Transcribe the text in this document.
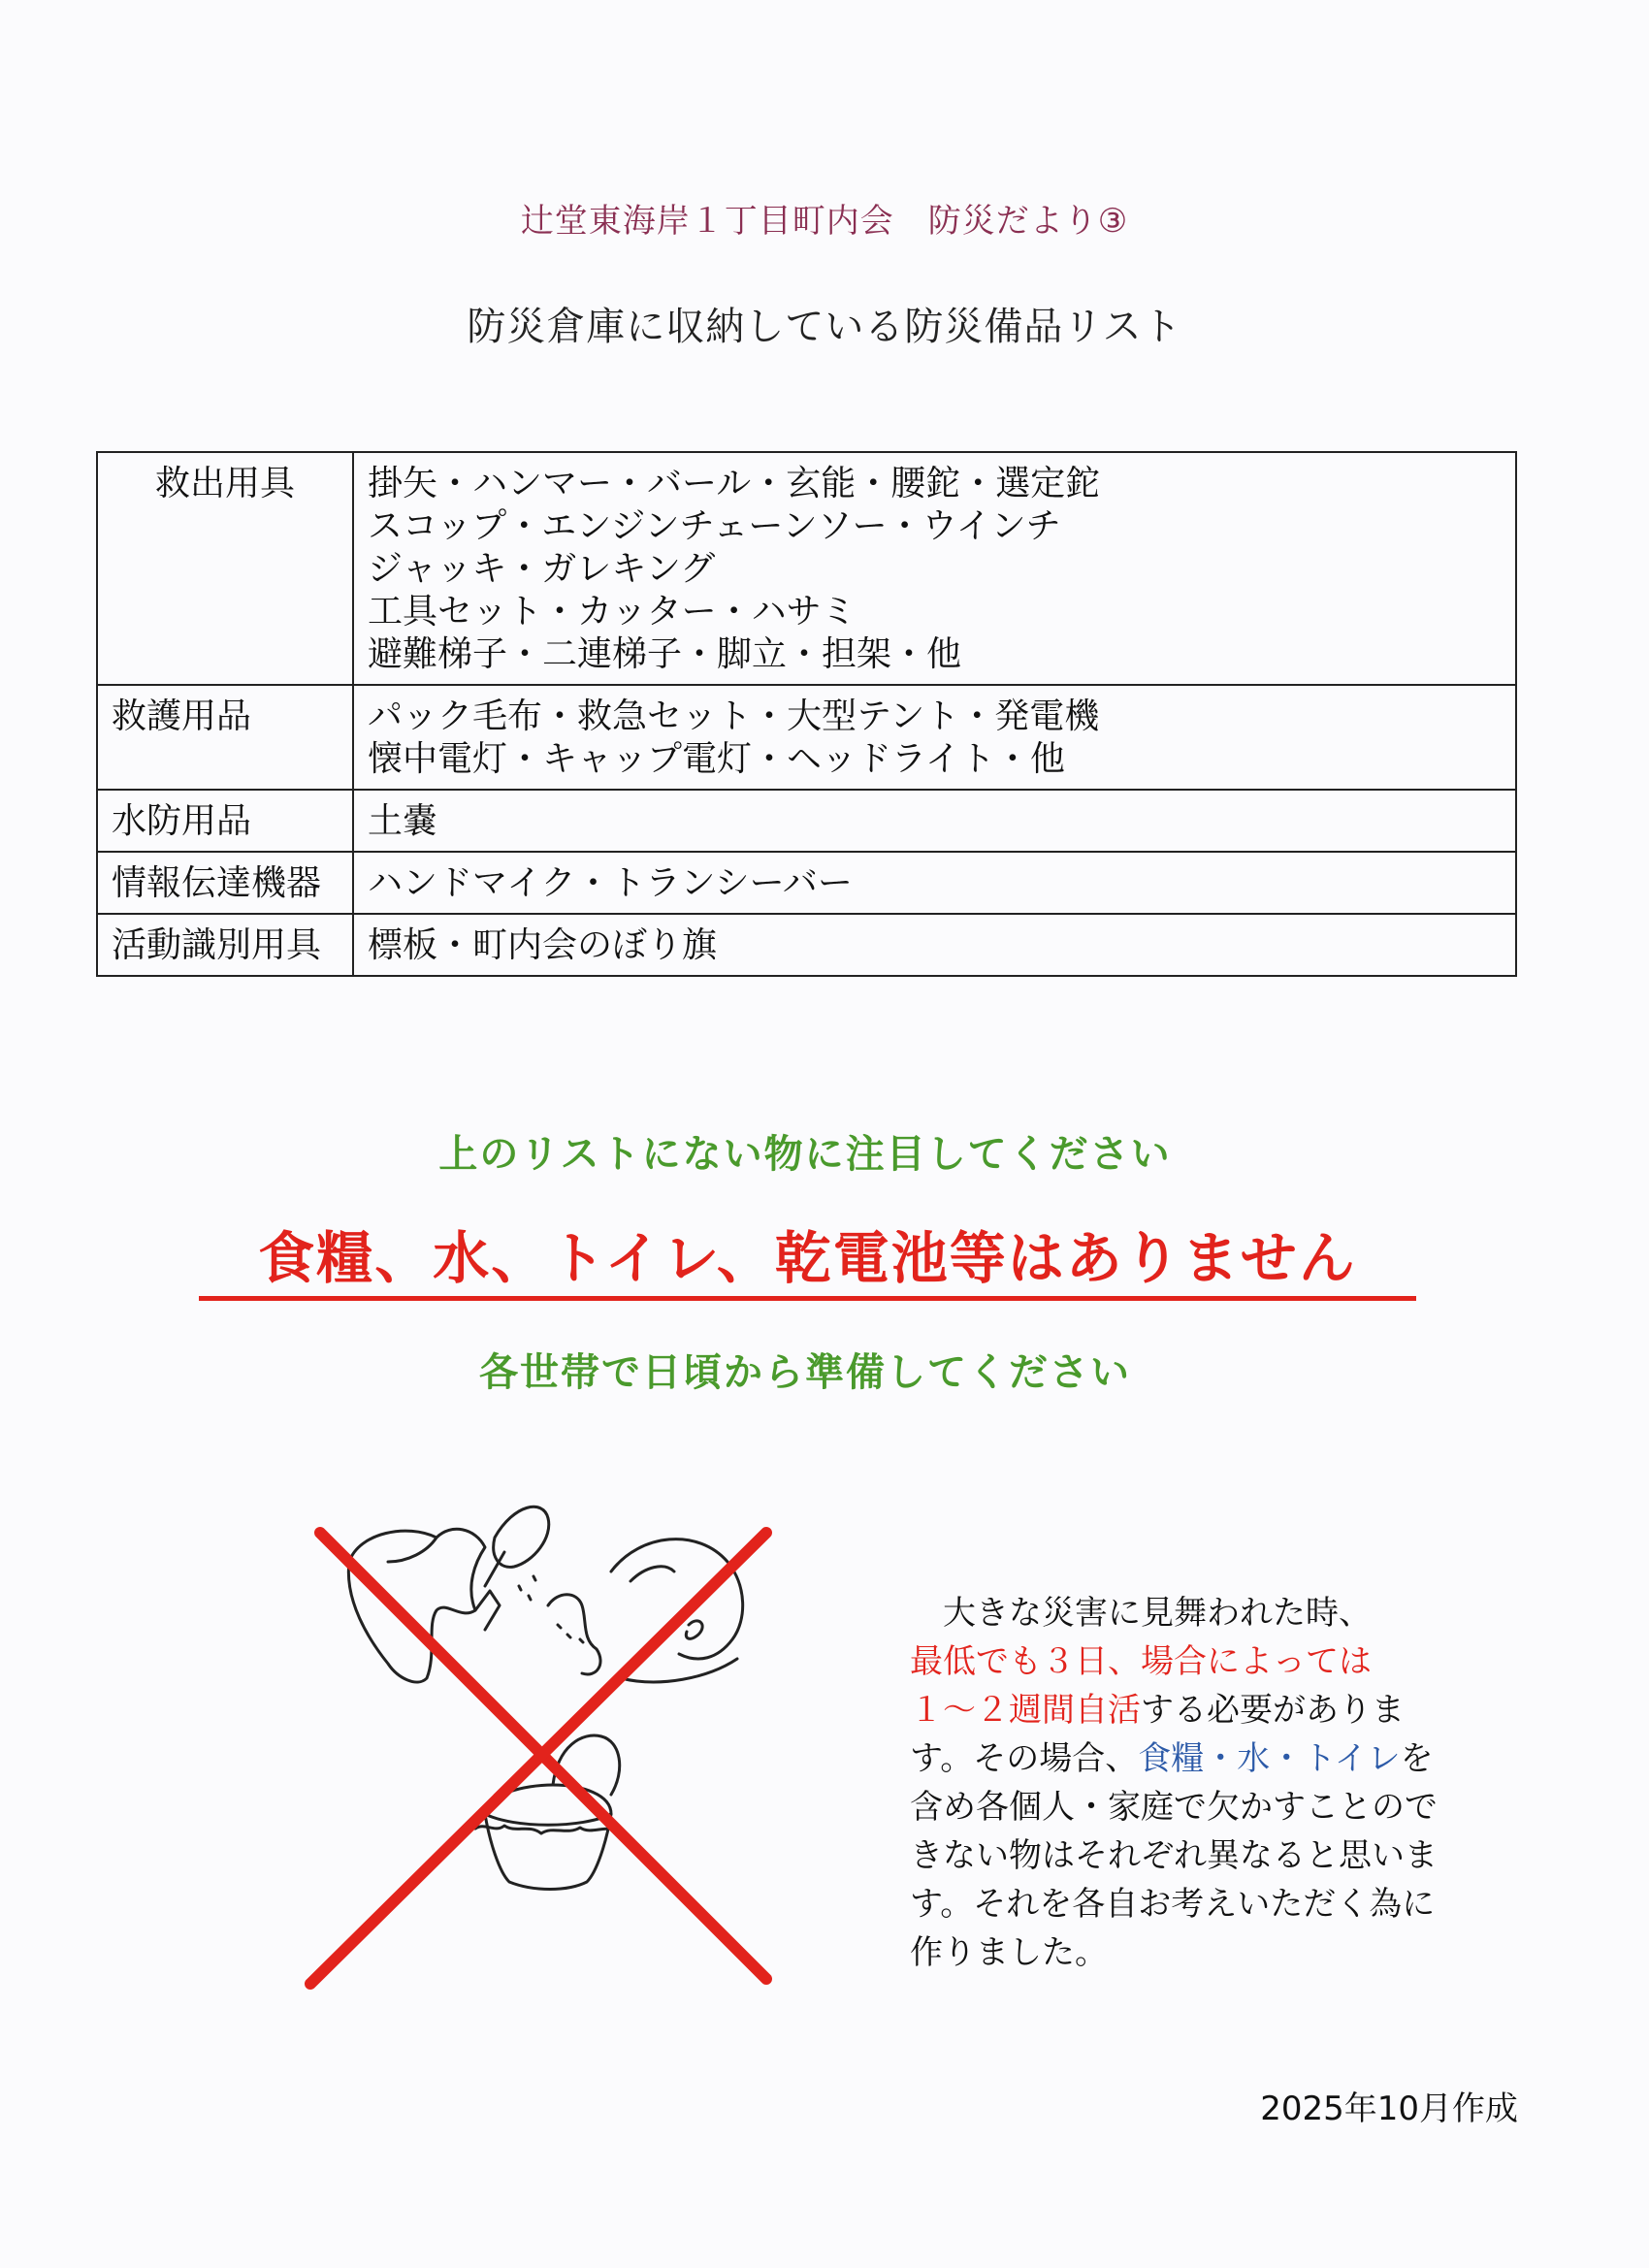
辻堂東海岸１丁目町内会　防災だより③
防災倉庫に収納している防災備品リスト
救出用具	掛矢・ハンマー・バール・玄能・腰鉈・選定鉈
スコップ・エンジンチェーンソー・ウインチ
ジャッキ・ガレキング
工具セット・カッター・ハサミ
避難梯子・二連梯子・脚立・担架・他

救護用品	パック毛布・救急セット・大型テント・発電機
懐中電灯・キャップ電灯・ヘッドライト・他

水防用品	土嚢

情報伝達機器	ハンドマイク・トランシーバー

活動識別用具	標板・町内会のぼり旗
上のリストにない物に注目してください
食糧、水、トイレ、乾電池等はありません
各世帯で日頃から準備してください
　大きな災害に見舞われた時、
最低でも３日、場合によっては
１～２週間自活する必要がありま
す。その場合、食糧・水・トイレを
含め各個人・家庭で欠かすことので
きない物はそれぞれ異なると思いま
す。それを各自お考えいただく為に
作りました。
2025年10月作成
